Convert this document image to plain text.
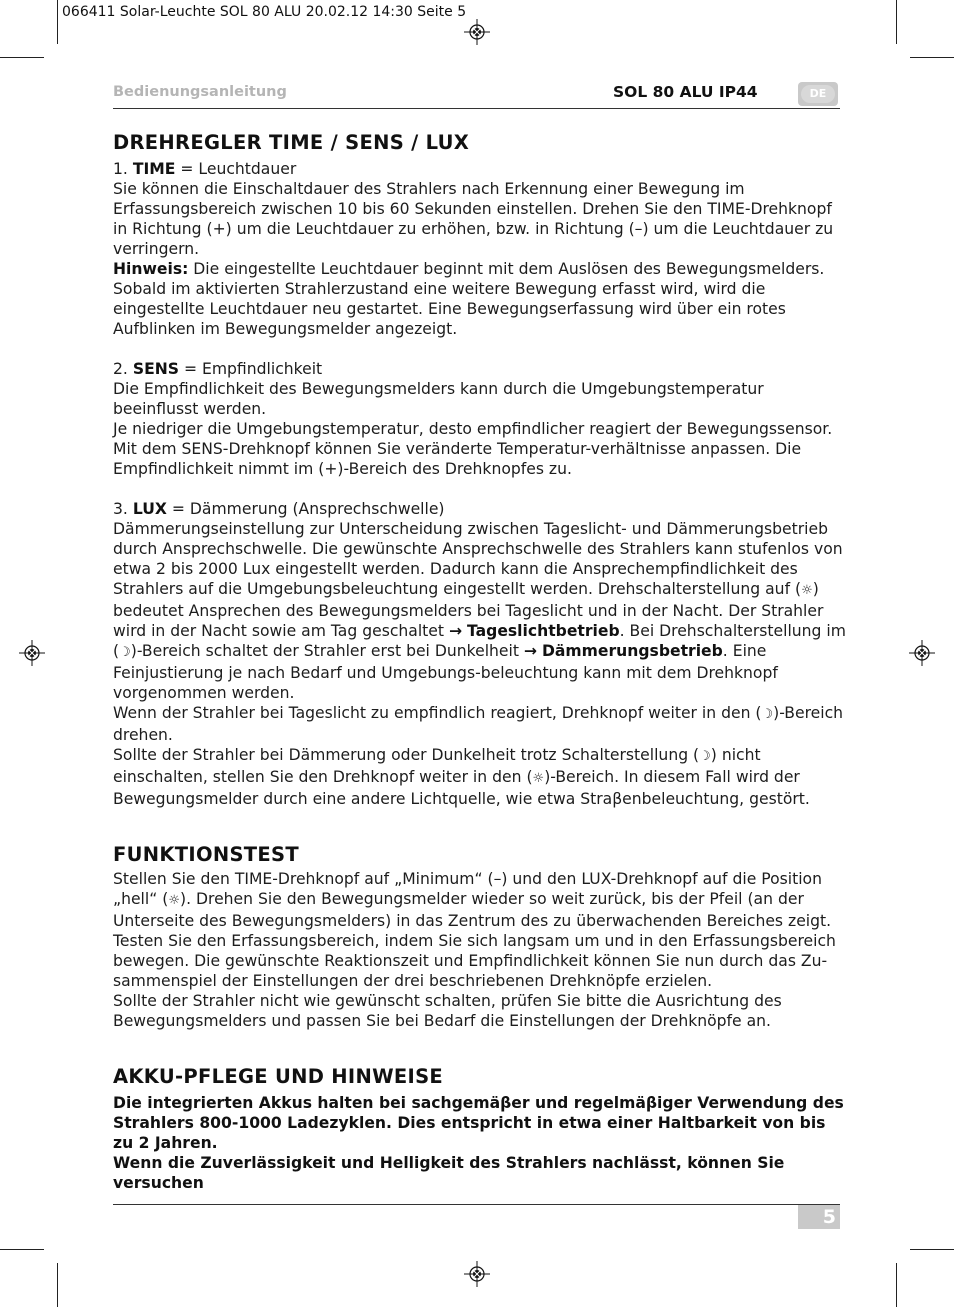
066411 Solar-Leuchte SOL 80 ALU 20.02.12 14:30 Seite 5
Bedienungsanleitung	SOL 80 ALU IP44	DE
DREHREGLER TIME / SENS / LUX

1. TIME = Leuchtdauer

Sie können die Einschaltdauer des Strahlers nach Erkennung einer Bewegung im Erfassungsbereich zwischen 10 bis 60 Sekunden einstellen. Drehen Sie den TIME-Drehknopf in Richtung (+) um die Leuchtdauer zu erhöhen, bzw. in Richtung (–) um die Leuchtdauer zu verringern.

Hinweis: Die eingestellte Leuchtdauer beginnt mit dem Auslösen des Bewegungsmelders. Sobald im aktivierten Strahlerzustand eine weitere Bewegung erfasst wird, wird die eingestellte Leuchtdauer neu gestartet. Eine Bewegungserfassung wird über ein rotes Aufblinken im Bewegungsmelder angezeigt.

2. SENS = Empfindlichkeit

Die Empfindlichkeit des Bewegungsmelders kann durch die Umgebungstemperatur beeinflusst werden.

Je niedriger die Umgebungstemperatur, desto empfindlicher reagiert der Bewegungssensor. Mit dem SENS-Drehknopf können Sie veränderte Temperatur-verhältnisse anpassen. Die Empfindlichkeit nimmt im (+)-Bereich des Drehknopfes zu.

3. LUX = Dämmerung (Ansprechschwelle)

Dämmerungseinstellung zur Unterscheidung zwischen Tageslicht- und Dämmerungsbetrieb durch Ansprechschwelle. Die gewünschte Ansprechschwelle des Strahlers kann stufenlos von etwa 2 bis 2000 Lux eingestellt werden. Dadurch kann die Ansprechempfindlichkeit des Strahlers auf die Umgebungsbeleuchtung eingestellt werden. Drehschalterstellung auf (☼) bedeutet Ansprechen des Bewegungsmelders bei Tageslicht und in der Nacht. Der Strahler wird in der Nacht sowie am Tag geschaltet → Tageslichtbetrieb. Bei Drehschalterstellung im (☽)-Bereich schaltet der Strahler erst bei Dunkelheit → Dämmerungsbetrieb. Eine Feinjustierung je nach Bedarf und Umgebungs-beleuchtung kann mit dem Drehknopf vorgenommen werden.

Wenn der Strahler bei Tageslicht zu empfindlich reagiert, Drehknopf weiter in den (☽)-Bereich drehen.

Sollte der Strahler bei Dämmerung oder Dunkelheit trotz Schalterstellung (☽) nicht einschalten, stellen Sie den Drehknopf weiter in den (☼)-Bereich. In diesem Fall wird der Bewegungsmelder durch eine andere Lichtquelle, wie etwa Straβenbeleuchtung, gestört.

FUNKTIONSTEST

Stellen Sie den TIME-Drehknopf auf „Minimum“ (–) und den LUX-Drehknopf auf die Position „hell“ (☼). Drehen Sie den Bewegungsmelder wieder so weit zurück, bis der Pfeil (an der Unterseite des Bewegungsmelders) in das Zentrum des zu überwachenden Bereiches zeigt. Testen Sie den Erfassungsbereich, indem Sie sich langsam um und in den Erfassungsbereich bewegen. Die gewünschte Reaktionszeit und Empfindlichkeit können Sie nun durch das Zu-sammenspiel der Einstellungen der drei beschriebenen Drehknöpfe erzielen.

Sollte der Strahler nicht wie gewünscht schalten, prüfen Sie bitte die Ausrichtung des Bewegungsmelders und passen Sie bei Bedarf die Einstellungen der Drehknöpfe an.

AKKU-PFLEGE UND HINWEISE

Die integrierten Akkus halten bei sachgemäβer und regelmäβiger Verwendung des Strahlers 800-1000 Ladezyklen. Dies entspricht in etwa einer Haltbarkeit von bis zu 2 Jahren.

Wenn die Zuverlässigkeit und Helligkeit des Strahlers nachlässt, können Sie versuchen

5
